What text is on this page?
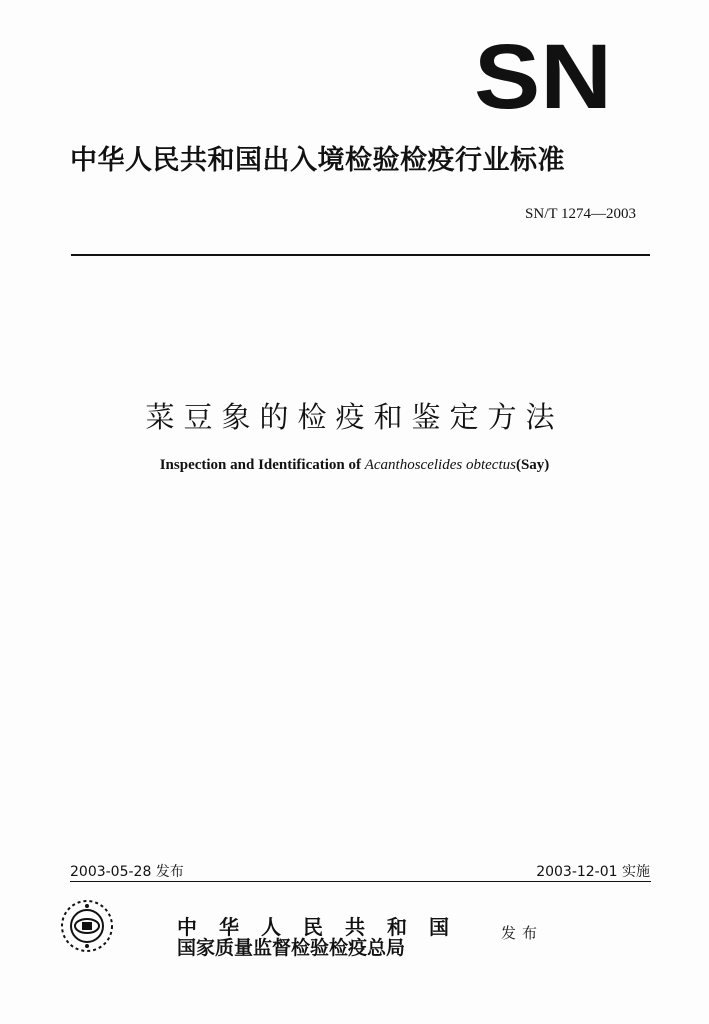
SN
中华人民共和国出入境检验检疫行业标准
SN/T 1274—2003
菜豆象的检疫和鉴定方法
Inspection and Identification of Acanthoscelides obtectus(Say)
2003-05-28 发布	2003-12-01 实施
中华人民共和国
国家质量监督检验检疫总局
发布
